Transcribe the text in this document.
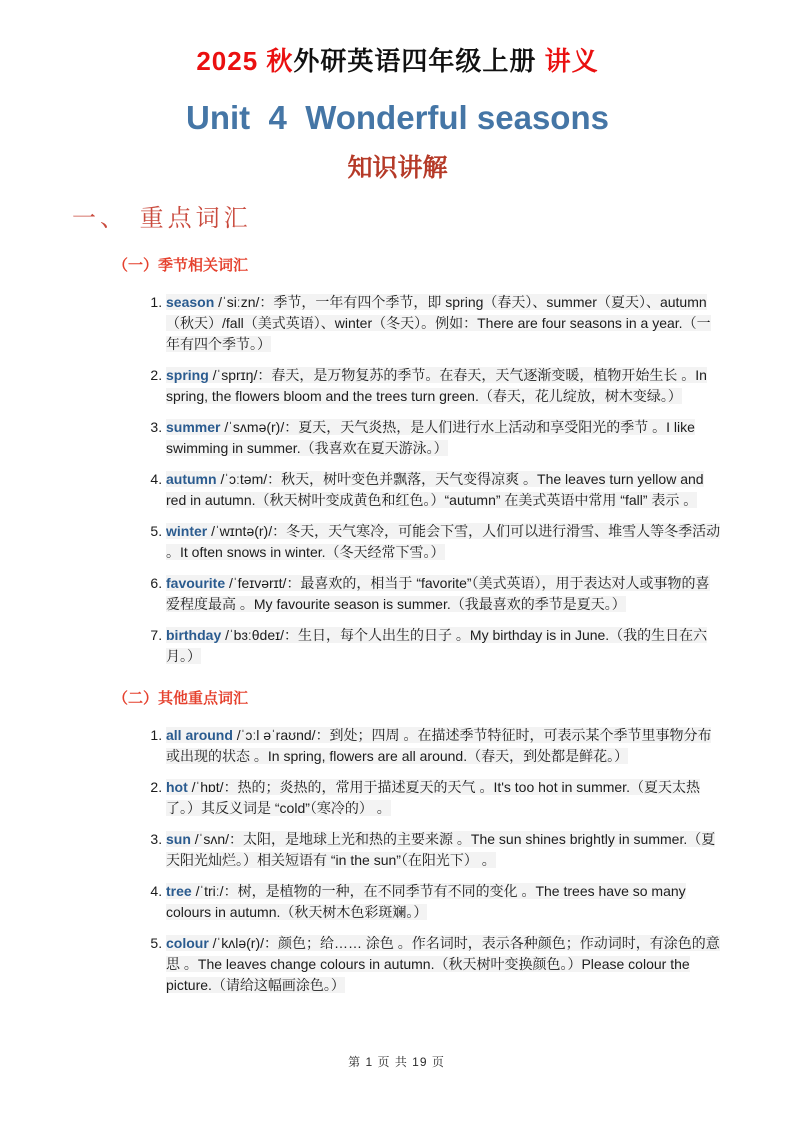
2025 秋外研英语四年级上册 讲义
Unit  4  Wonderful seasons
知识讲解
一、 重点词汇
（一）季节相关词汇
1. season /ˈsiːzn/：季节，一年有四个季节，即 spring（春天）、summer（夏天）、autumn（秋天）/fall（美式英语）、winter（冬天）。例如：There are four seasons in a year.（一年有四个季节。）
2. spring /ˈsprɪŋ/：春天，是万物复苏的季节。在春天，天气逐渐变暖，植物开始生长 。In spring, the flowers bloom and the trees turn green.（春天，花儿绽放，树木变绿。）
3. summer /ˈsʌmə(r)/：夏天，天气炎热，是人们进行水上活动和享受阳光的季节 。I like swimming in summer.（我喜欢在夏天游泳。）
4. autumn /ˈɔːtəm/：秋天，树叶变色并飘落，天气变得凉爽 。The leaves turn yellow and red in autumn.（秋天树叶变成黄色和红色。）“autumn” 在美式英语中常用 “fall” 表示 。
5. winter /ˈwɪntə(r)/：冬天，天气寒冷，可能会下雪，人们可以进行滑雪、堆雪人等冬季活动 。It often snows in winter.（冬天经常下雪。）
6. favourite /ˈfeɪvərɪt/：最喜欢的，相当于 “favorite”（美式英语），用于表达对人或事物的喜爱程度最高 。My favourite season is summer.（我最喜欢的季节是夏天。）
7. birthday /ˈbɜːθdeɪ/：生日，每个人出生的日子 。My birthday is in June.（我的生日在六月。）
（二）其他重点词汇
1. all around /ˈɔːl əˈraʊnd/：到处；四周 。在描述季节特征时，可表示某个季节里事物分布或出现的状态 。In spring, flowers are all around.（春天，到处都是鲜花。）
2. hot /ˈhɒt/：热的；炎热的，常用于描述夏天的天气 。It's too hot in summer.（夏天太热了。）其反义词是 “cold”（寒冷的） 。
3. sun /ˈsʌn/：太阳，是地球上光和热的主要来源 。The sun shines brightly in summer.（夏天阳光灿烂。）相关短语有 “in the sun”（在阳光下） 。
4. tree /ˈtriː/：树，是植物的一种，在不同季节有不同的变化 。The trees have so many colours in autumn.（秋天树木色彩斑斓。）
5. colour /ˈkʌlə(r)/：颜色；给…… 涂色 。作名词时，表示各种颜色；作动词时，有涂色的意思 。The leaves change colours in autumn.（秋天树叶变换颜色。）Please colour the picture.（请给这幅画涂色。）
第 1 页 共 19 页
